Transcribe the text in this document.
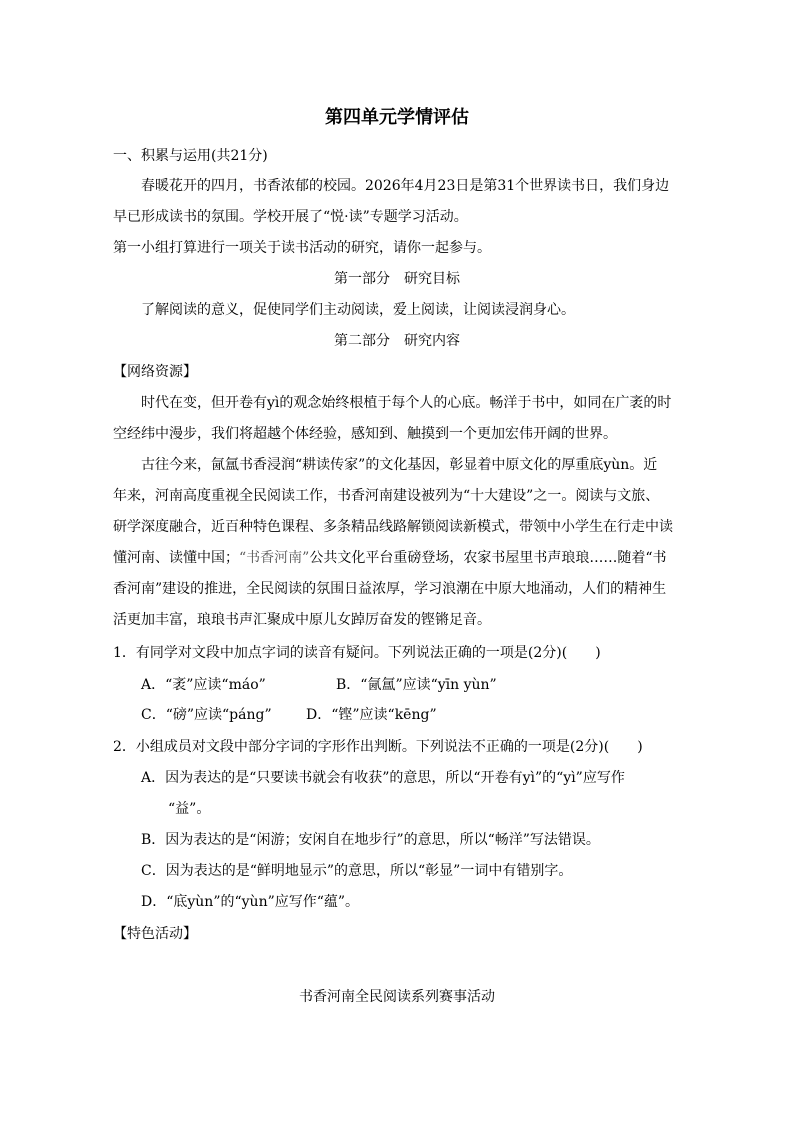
第四单元学情评估
一、积累与运用(共21分)
春暖花开的四月，书香浓郁的校园。2026年4月23日是第31个世界读书日，我们身边
早已形成读书的氛围。学校开展了“悦·读”专题学习活动。
第一小组打算进行一项关于读书活动的研究，请你一起参与。
第一部分　研究目标
了解阅读的意义，促使同学们主动阅读，爱上阅读，让阅读浸润身心。
第二部分　研究内容
【网络资源】
时代在变，但开卷有yì的观念始终根植于每个人的心底。畅洋于书中，如同在广袤的时
空经纬中漫步，我们将超越个体经验，感知到、触摸到一个更加宏伟开阔的世界。
古往今来，氤氲书香浸润“耕读传家”的文化基因，彰显着中原文化的厚重底yùn。近
年来，河南高度重视全民阅读工作，书香河南建设被列为“十大建设”之一。阅读与文旅、
研学深度融合，近百种特色课程、多条精品线路解锁阅读新模式，带领中小学生在行走中读
懂河南、读懂中国；“书香河南”公共文化平台重磅登场，农家书屋里书声琅琅……随着“书
香河南”建设的推进，全民阅读的氛围日益浓厚，学习浪潮在中原大地涌动，人们的精神生
活更加丰富，琅琅书声汇聚成中原儿女踔厉奋发的铿锵足音。
1．有同学对文段中加点字词的读音有疑问。下列说法正确的一项是(2分)(　　)
A．“袤”应读“máo”	B．“氤氲”应读“yīn yùn”
C．“磅”应读“páng” D．“铿”应读“kēng”
2．小组成员对文段中部分字词的字形作出判断。下列说法不正确的一项是(2分)(　　)
A．因为表达的是“只要读书就会有收获”的意思，所以“开卷有yì”的“yì”应写作
“益”。
B．因为表达的是“闲游；安闲自在地步行”的意思，所以“畅洋”写法错误。
C．因为表达的是“鲜明地显示”的意思，所以“彰显”一词中有错别字。
D．“底yùn”的“yùn”应写作“蕴”。
【特色活动】
书香河南全民阅读系列赛事活动
